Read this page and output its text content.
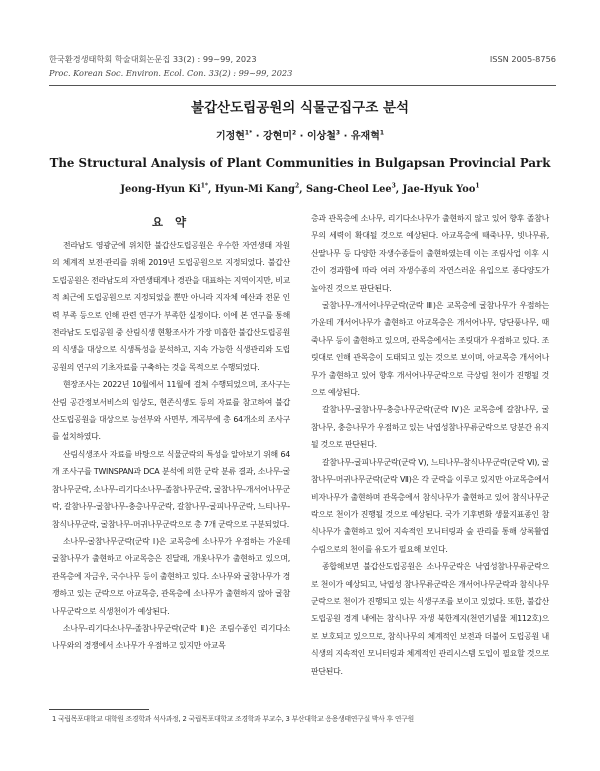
한국환경생태학회 학술대회논문집 33(2) : 99~99, 2023	ISSN 2005-8756
Proc. Korean Soc. Environ. Ecol. Con. 33(2) : 99~99, 2023
불갑산도립공원의 식물군집구조 분석
기정현$^{1*}$ · 강현미$^2$ · 이상철$^3$ · 유재혁$^1$
The Structural Analysis of Plant Communities in Bulgapsan Provincial Park
Jeong-Hyun $Ki^{1*}$, Hyun-Mi Kang$^2$, Sang-Cheol Lee$^3$, Jae-Hyuk Yoo$^1$
요 약

전라남도 영광군에 위치한 불갑산도립공원은 우수한 자연생태 자원의 체계적 보전·관리를 위해 2019년 도립공원으로 지정되었다. 불갑산도립공원은 전라남도의 자연생태계나 경관을 대표하는 지역이지만, 비교적 최근에 도립공원으로 지정되었을 뿐만 아니라 지자체 예산과 전문 인력 부족 등으로 인해 관련 연구가 부족한 실정이다. 이에 본 연구를 통해 전라남도 도립공원 중 산림식생 현황조사가 가장 미흡한 불갑산도립공원의 식생을 대상으로 식생특성을 분석하고, 지속 가능한 식생관리와 도립공원의 연구의 기초자료를 구축하는 것을 목적으로 수행되었다.

현장조사는 2022년 10월에서 11월에 걸쳐 수행되었으며, 조사구는 산림 공간정보서비스의 임상도, 현존식생도 등의 자료를 참고하여 불갑산도립공원을 대상으로 능선부와 사면부, 계곡부에 총 64개소의 조사구를 설치하였다.

산림식생조사 자료를 바탕으로 식물군락의 특성을 알아보기 위해 64개 조사구를 TWINSPAN과 DCA 분석에 의한 군락 분류 결과, 소나무-굴참나무군락, 소나무-리기다소나무-졸참나무군락, 굴참나무-개서어나무군락, 갈참나무-굴참나무-충층나무군락, 갈참나무-굴피나무군락, 느티나무-참식나무군락, 굴참나무-머귀나무군락으로 총 7개 군락으로 구분되었다.

소나무-굴참나무군락(군락 Ⅰ)은 교목층에 소나무가 우점하는 가운데 굴참나무가 출현하고 아교목층은 진달래, 개옻나무가 출현하고 있으며, 관목층에 자금우, 국수나무 등이 출현하고 있다. 소나무와 굴참나무가 경쟁하고 있는 군락으로 아교목층, 관목층에 소나무가 출현하지 않아 굴참나무군락으로 식생천이가 예상된다.

소나무-리기다소나무-졸참나무군락(군락 Ⅱ)은 조림수종인 리기다소나무와의 경쟁에서 소나무가 우점하고 있지만 아교목

층과 관목층에 소나무, 리기다소나무가 출현하지 않고 있어 향후 졸참나무의 세력이 확대될 것으로 예상된다. 아교목층에 때죽나무, 빗나무류, 산딸나무 등 다양한 자생수종들이 출현하였는데 이는 조림사업 이후 시간이 경과함에 따라 여러 자생수종의 자연스러운 유입으로 종다양도가 높아진 것으로 판단된다.

굴참나무-개서어나무군락(군락 Ⅲ)은 교목층에 굴참나무가 우점하는 가운데 개서어나무가 출현하고 아교목층은 개서어나무, 당단풍나무, 때죽나무 등이 출현하고 있으며, 관목층에서는 조릿대가 우점하고 있다. 조릿대로 인해 관목층이 도태되고 있는 것으로 보이며, 아교목층 개서어나무가 출현하고 있어 향후 개서어나무군락으로 극상림 천이가 진행될 것으로 예상된다.

갈참나무-굴참나무-충층나무군락(군락 Ⅳ)은 교목층에 갈참나무, 굴참나무, 충층나무가 우점하고 있는 낙엽성참나무류군락으로 당분간 유지될 것으로 판단된다.

갈참나무-굴피나무군락(군락 Ⅴ), 느티나무-참식나무군락(군락 Ⅵ), 굴참나무-머귀나무군락(군락 Ⅶ)은 각 군락을 이루고 있지만 아교목층에서 비자나무가 출현하며 관목층에서 참식나무가 출현하고 있어 참식나무군락으로 천이가 진행될 것으로 예상된다. 국가 기후변화 생물지표종인 참식나무가 출현하고 있어 지속적인 모니터링과 숲 관리를 통해 상록활엽수림으로의 천이를 유도가 필요해 보인다.

종합해보면 불갑산도립공원은 소나무군락은 낙엽성참나무류군락으로 천이가 예상되고, 낙엽성 참나무류군락은 개서어나무군락과 참식나무군락으로 천이가 진행되고 있는 식생구조를 보이고 있었다. 또한, 불갑산도립공원 경계 내에는 참식나무 자생 북한계지(천연기념물 제112호)으로 보호되고 있으므로, 참식나무의 체계적인 보전과 더불어 도립공원 내 식생의 지속적인 모니터링과 체계적인 관리시스템 도입이 필요할 것으로 판단된다.

1 국립목포대학교 대학원 조경학과 석사과정, 2 국립목포대학교 조경학과 부교수, 3 부산대학교 응용생태연구실 박사 후 연구원
